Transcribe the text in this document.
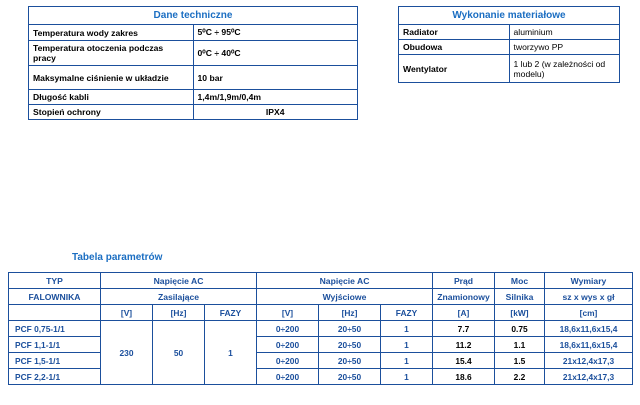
Dane techniczne	
Temperatura wody zakres	5⁰C ÷ 95⁰C
Temperatura otoczenia podczas pracy	0⁰C ÷ 40⁰C
Maksymalne ciśnienie w układzie	10 bar
Długość kabli	1,4m/1,9m/0,4m
Stopień ochrony	IPX4
Wykonanie materiałowe	
Radiator	aluminium
Obudowa	tworzywo PP
Wentylator	1 lub 2 (w zależności od modelu)
Tabela parametrów
TYP	Napięcie AC			Napięcie AC			Prąd	Moc	Wymiary
FALOWNIKA	Zasilające			Wyjściowe			Znamionowy	Silnika	sz x wys x gł
	[V]	[Hz]	FAZY	[V]	[Hz]	FAZY	[A]	[kW]	[cm]
PCF 0,75-1/1	230	50	1	0÷200	20÷50	1	7.7	0.75	18,6x11,6x15,4
PCF 1,1-1/1				0÷200	20÷50	1	11.2	1.1	18,6x11,6x15,4
PCF 1,5-1/1				0÷200	20÷50	1	15.4	1.5	21x12,4x17,3
PCF 2,2-1/1				0÷200	20÷50	1	18.6	2.2	21x12,4x17,3
